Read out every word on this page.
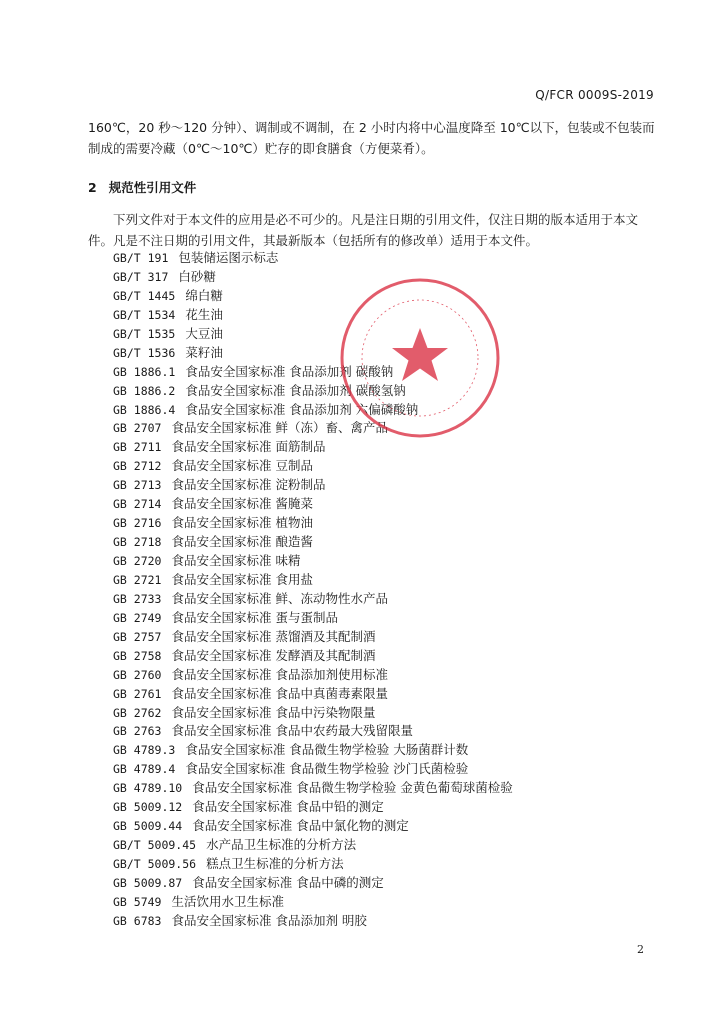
Q/FCR 0009S-2019

160℃，20 秒～120 分钟）、调制或不调制，在 2 小时内将中心温度降至 10℃以下，包装或不包装而制成的需要冷藏（0℃～10℃）贮存的即食膳食（方便菜肴）。

2 规范性引用文件

下列文件对于本文件的应用是必不可少的。凡是注日期的引用文件，仅注日期的版本适用于本文件。凡是不注日期的引用文件，其最新版本（包括所有的修改单）适用于本文件。

GB/T 191 包装储运图示标志
GB/T 317 白砂糖
GB/T 1445 绵白糖
GB/T 1534 花生油
GB/T 1535 大豆油
GB/T 1536 菜籽油
GB 1886.1 食品安全国家标准 食品添加剂 碳酸钠
GB 1886.2 食品安全国家标准 食品添加剂 碳酸氢钠
GB 1886.4 食品安全国家标准 食品添加剂 六偏磷酸钠
GB 2707 食品安全国家标准 鲜（冻）畜、禽产品
GB 2711 食品安全国家标准 面筋制品
GB 2712 食品安全国家标准 豆制品
GB 2713 食品安全国家标准 淀粉制品
GB 2714 食品安全国家标准 酱腌菜
GB 2716 食品安全国家标准 植物油
GB 2718 食品安全国家标准 酿造酱
GB 2720 食品安全国家标准 味精
GB 2721 食品安全国家标准 食用盐
GB 2733 食品安全国家标准 鲜、冻动物性水产品
GB 2749 食品安全国家标准 蛋与蛋制品
GB 2757 食品安全国家标准 蒸馏酒及其配制酒
GB 2758 食品安全国家标准 发酵酒及其配制酒
GB 2760 食品安全国家标准 食品添加剂使用标准
GB 2761 食品安全国家标准 食品中真菌毒素限量
GB 2762 食品安全国家标准 食品中污染物限量
GB 2763 食品安全国家标准 食品中农药最大残留限量
GB 4789.3 食品安全国家标准 食品微生物学检验 大肠菌群计数
GB 4789.4 食品安全国家标准 食品微生物学检验 沙门氏菌检验
GB 4789.10 食品安全国家标准 食品微生物学检验 金黄色葡萄球菌检验
GB 5009.12 食品安全国家标准 食品中铅的测定
GB 5009.44 食品安全国家标准 食品中氯化物的测定
GB/T 5009.45 水产品卫生标准的分析方法
GB/T 5009.56 糕点卫生标准的分析方法
GB 5009.87 食品安全国家标准 食品中磷的测定
GB 5749 生活饮用水卫生标准
GB 6783 食品安全国家标准 食品添加剂 明胶
2
